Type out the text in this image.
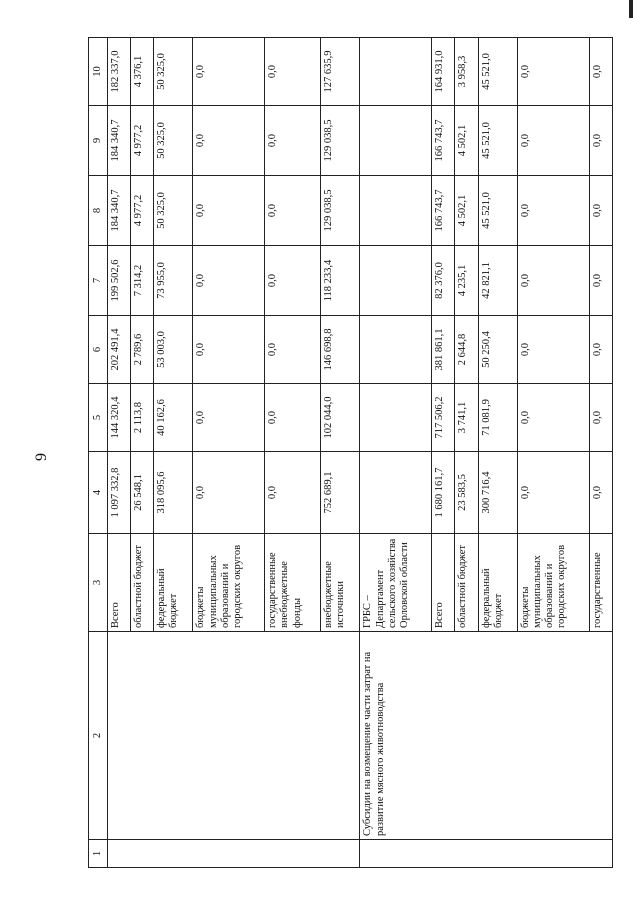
9
1	2	3	4	5	6	7	8	9	10
		Всего	1 097 332,8	144 320,4	202 491,4	199 502,6	184 340,7	184 340,7	182 337,0
		областной бюджет	26 548,1	2 113,8	2 789,6	7 314,2	4 977,2	4 977,2	4 376,1
		федеральный бюджет	318 095,6	40 162,6	53 003,0	73 955,0	50 325,0	50 325,0	50 325,0
		бюджеты муниципальных образований и городских округов	0,0	0,0	0,0	0,0	0,0	0,0	0,0
		государственные внебюджетные фонды	0,0	0,0	0,0	0,0	0,0	0,0	0,0
		внебюджетные источники	752 689,1	102 044,0	146 698,8	118 233,4	129 038,5	129 038,5	127 635,9
	Субсидии на возмещение части затрат на развитие мясного животноводства	ГРБС – Департамент сельского хозяйства Орловской области							
		Всего	1 680 161,7	717 506,2	381 861,1	82 376,0	166 743,7	166 743,7	164 931,0
		областной бюджет	23 583,5	3 741,1	2 644,8	4 235,1	4 502,1	4 502,1	3 958,3
		федеральный бюджет	300 716,4	71 081,9	50 250,4	42 821,1	45 521,0	45 521,0	45 521,0
		бюджеты муниципальных образований и городских округов	0,0	0,0	0,0	0,0	0,0	0,0	0,0
		государственные	0,0	0,0	0,0	0,0	0,0	0,0	0,0
